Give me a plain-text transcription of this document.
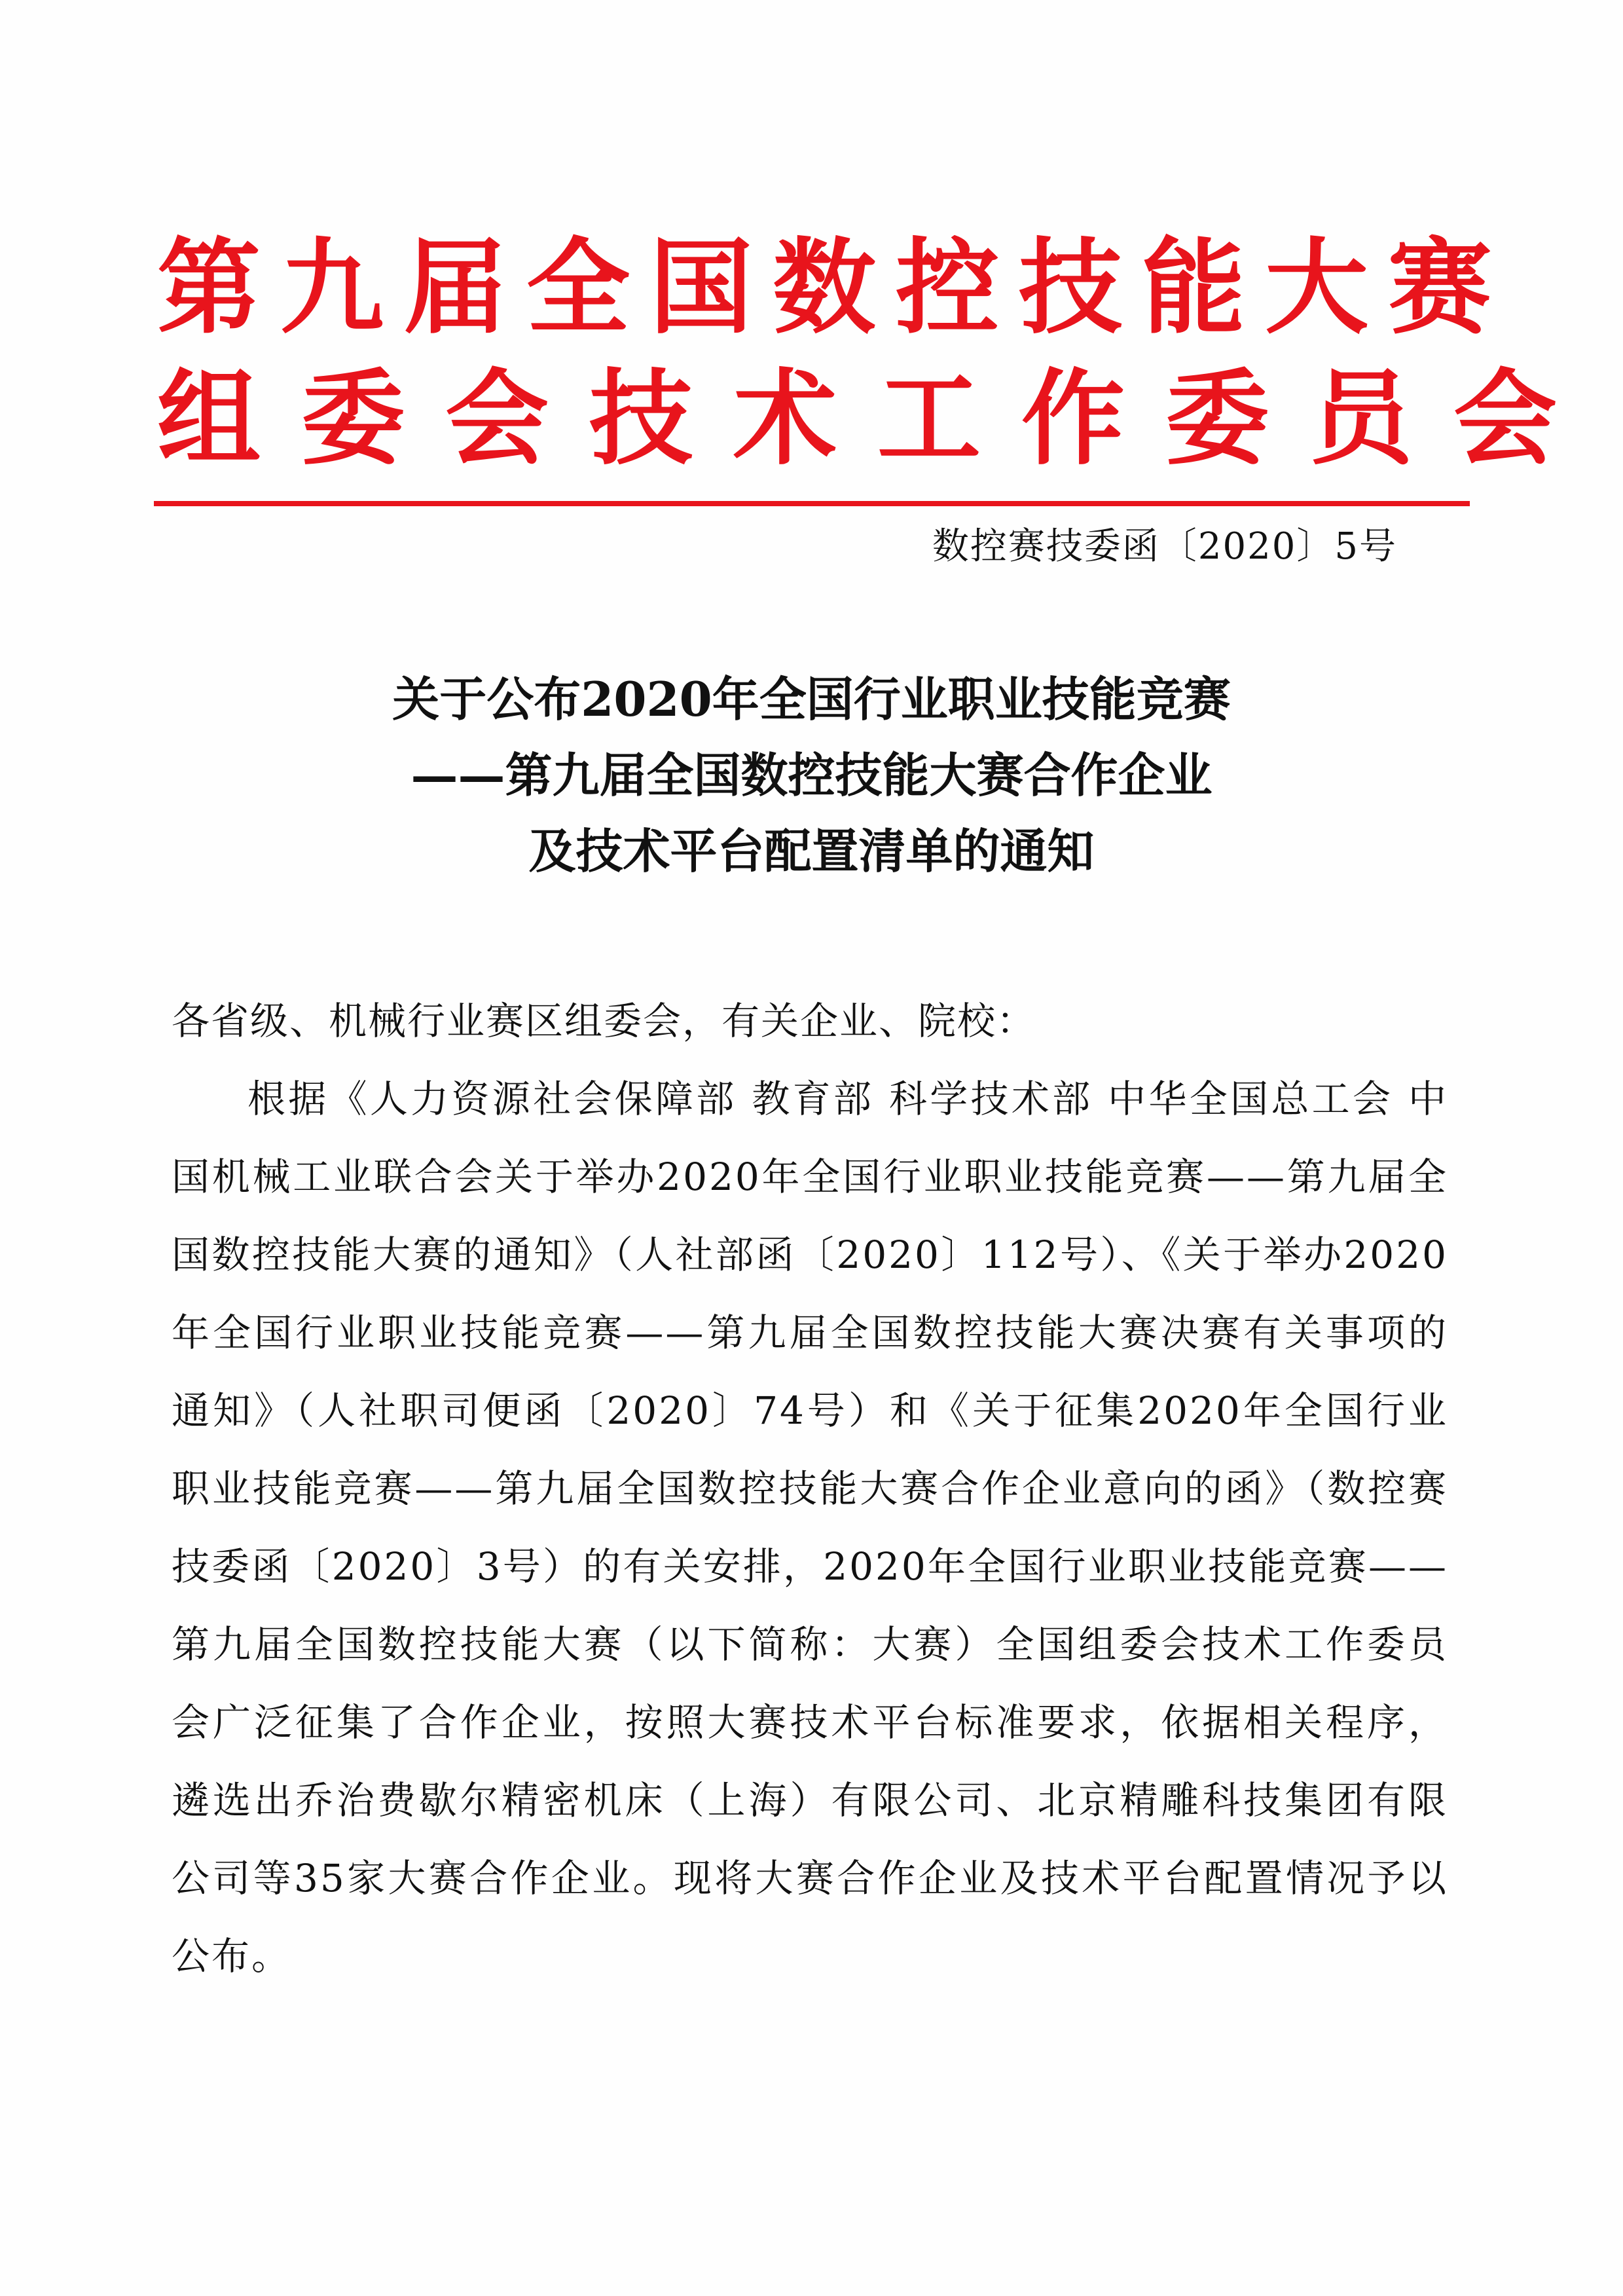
第九届全国数控技能大赛
组委会技术工作委员会
数控赛技委函〔2020〕5号
关于公布2020年全国行业职业技能竞赛
——第九届全国数控技能大赛合作企业
及技术平台配置清单的通知
各省级、机械行业赛区组委会，有关企业、院校：

根据《人力资源社会保障部 教育部 科学技术部 中华全国总工会 中国机械工业联合会关于举办2020年全国行业职业技能竞赛——第九届全国数控技能大赛的通知》（人社部函〔2020〕112号）、《关于举办2020年全国行业职业技能竞赛——第九届全国数控技能大赛决赛有关事项的通知》（人社职司便函〔2020〕74号）和《关于征集2020年全国行业职业技能竞赛——第九届全国数控技能大赛合作企业意向的函》（数控赛技委函〔2020〕3号）的有关安排，2020年全国行业职业技能竞赛——第九届全国数控技能大赛（以下简称：大赛）全国组委会技术工作委员会广泛征集了合作企业，按照大赛技术平台标准要求，依据相关程序，遴选出乔治费歇尔精密机床（上海）有限公司、北京精雕科技集团有限公司等35家大赛合作企业。现将大赛合作企业及技术平台配置情况予以公布。
